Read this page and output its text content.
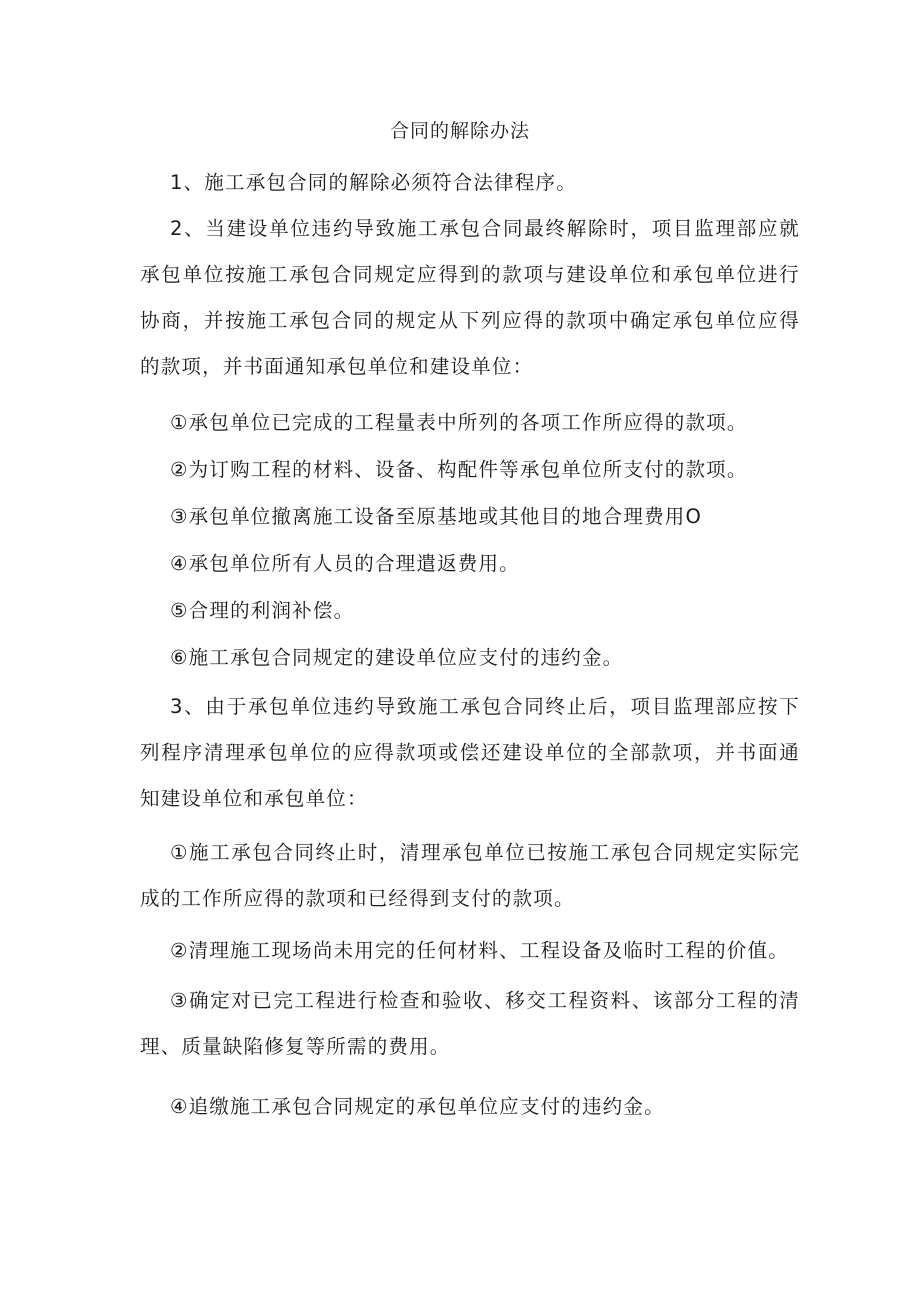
合同的解除办法
1、施工承包合同的解除必须符合法律程序。
2、当建设单位违约导致施工承包合同最终解除时，项目监理部应就承包单位按施工承包合同规定应得到的款项与建设单位和承包单位进行协商，并按施工承包合同的规定从下列应得的款项中确定承包单位应得的款项，并书面通知承包单位和建设单位：
①承包单位已完成的工程量表中所列的各项工作所应得的款项。
②为订购工程的材料、设备、构配件等承包单位所支付的款项。
③承包单位撤离施工设备至原基地或其他目的地合理费用O
④承包单位所有人员的合理遣返费用。
⑤合理的利润补偿。
⑥施工承包合同规定的建设单位应支付的违约金。
3、由于承包单位违约导致施工承包合同终止后，项目监理部应按下列程序清理承包单位的应得款项或偿还建设单位的全部款项，并书面通知建设单位和承包单位：
①施工承包合同终止时，清理承包单位已按施工承包合同规定实际完成的工作所应得的款项和已经得到支付的款项。
②清理施工现场尚未用完的任何材料、工程设备及临时工程的价值。
③确定对已完工程进行检查和验收、移交工程资料、该部分工程的清理、质量缺陷修复等所需的费用。
④追缴施工承包合同规定的承包单位应支付的违约金。
